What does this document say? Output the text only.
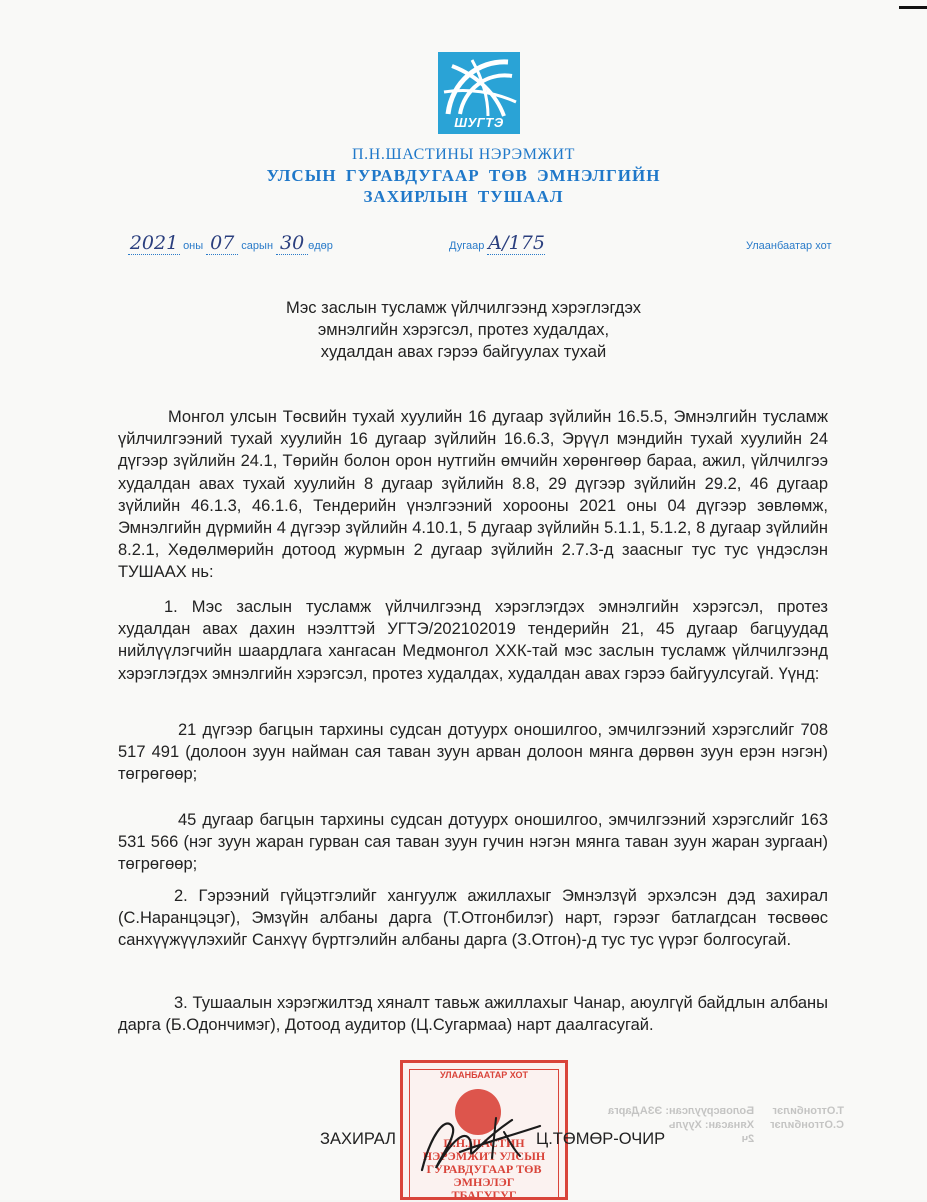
ШУГТЭ
П.Н.ШАСТИНЫ НЭРЭМЖИТ
УЛСЫН ГУРАВДУГААР ТӨВ ЭМНЭЛГИЙН
ЗАХИРЛЫН ТУШААЛ
2021 оны 07 сарын 30 өдөр	Дугаар А/175	Улаанбаатар хот
Мэс заслын тусламж үйлчилгээнд хэрэглэгдэх
эмнэлгийн хэрэгсэл, протез худалдах,
худалдан авах гэрээ байгуулах тухай
Монгол улсын Төсвийн тухай хуулийн 16 дугаар зүйлийн 16.5.5, Эмнэлгийн тусламж үйлчилгээний тухай хуулийн 16 дугаар зүйлийн 16.6.3, Эрүүл мэндийн тухай хуулийн 24 дүгээр зүйлийн 24.1, Төрийн болон орон нутгийн өмчийн хөрөнгөөр бараа, ажил, үйлчилгээ худалдан авах тухай хуулийн 8 дугаар зүйлийн 8.8, 29 дүгээр зүйлийн 29.2, 46 дугаар зүйлийн 46.1.3, 46.1.6, Тендерийн үнэлгээний хорооны 2021 оны 04 дүгээр зөвлөмж, Эмнэлгийн дүрмийн 4 дүгээр зүйлийн 4.10.1, 5 дугаар зүйлийн 5.1.1, 5.1.2, 8 дугаар зүйлийн 8.2.1, Хөдөлмөрийн дотоод журмын 2 дугаар зүйлийн 2.7.3-д заасныг тус тус үндэслэн ТУШААХ нь:
1. Мэс заслын тусламж үйлчилгээнд хэрэглэгдэх эмнэлгийн хэрэгсэл, протез худалдан авах дахин нээлттэй УГТЭ/202102019 тендерийн 21, 45 дугаар багцуудад нийлүүлэгчийн шаардлага хангасан Медмонгол ХХК-тай мэс заслын тусламж үйлчилгээнд хэрэглэгдэх эмнэлгийн хэрэгсэл, протез худалдах, худалдан авах гэрээ байгуулсугай. Үүнд:
21 дүгээр багцын тархины судсан дотуурх оношилгоо, эмчилгээний хэрэгслийг 708 517 491 (долоон зуун найман сая таван зуун арван долоон мянга дөрвөн зуун ерэн нэгэн) төгрөгөөр;
45 дугаар багцын тархины судсан дотуурх оношилгоо, эмчилгээний хэрэгслийг 163 531 566 (нэг зуун жаран гурван сая таван зуун гучин нэгэн мянга таван зуун жаран зургаан) төгрөгөөр;
2. Гэрээний гүйцэтгэлийг хангуулж ажиллахыг Эмнэлзүй эрхэлсэн дэд захирал (С.Наранцэцэг), Эмзүйн албаны дарга (Т.Отгонбилэг) нарт, гэрээг батлагдсан төсвөөс санхүүжүүлэхийг Санхүү бүртгэлийн албаны дарга (З.Отгон)-д тус тус үүрэг болгосугай.
3. Тушаалын хэрэгжилтэд хяналт тавьж ажиллахыг Чанар, аюулгүй байдлын албаны дарга (Б.Одончимэг), Дотоод аудитор (Ц.Сугармаа) нарт даалгасугай.
Т.Отгонбилэг
С.Отгонбилэг
Боловсруулсан: ЭЗАДарга
Хянасан: Хууль
2ч
УЛААНБААТАР ХОТ
П.Н.ШАСТИН
НЭРЭМЖИТ УЛСЫН
ГУРАВДУГААР ТӨВ
ЭМНЭЛЭГ
ТБАГУГУГ
ЗАХИРАЛ	Ц.ТӨМӨР-ОЧИР
